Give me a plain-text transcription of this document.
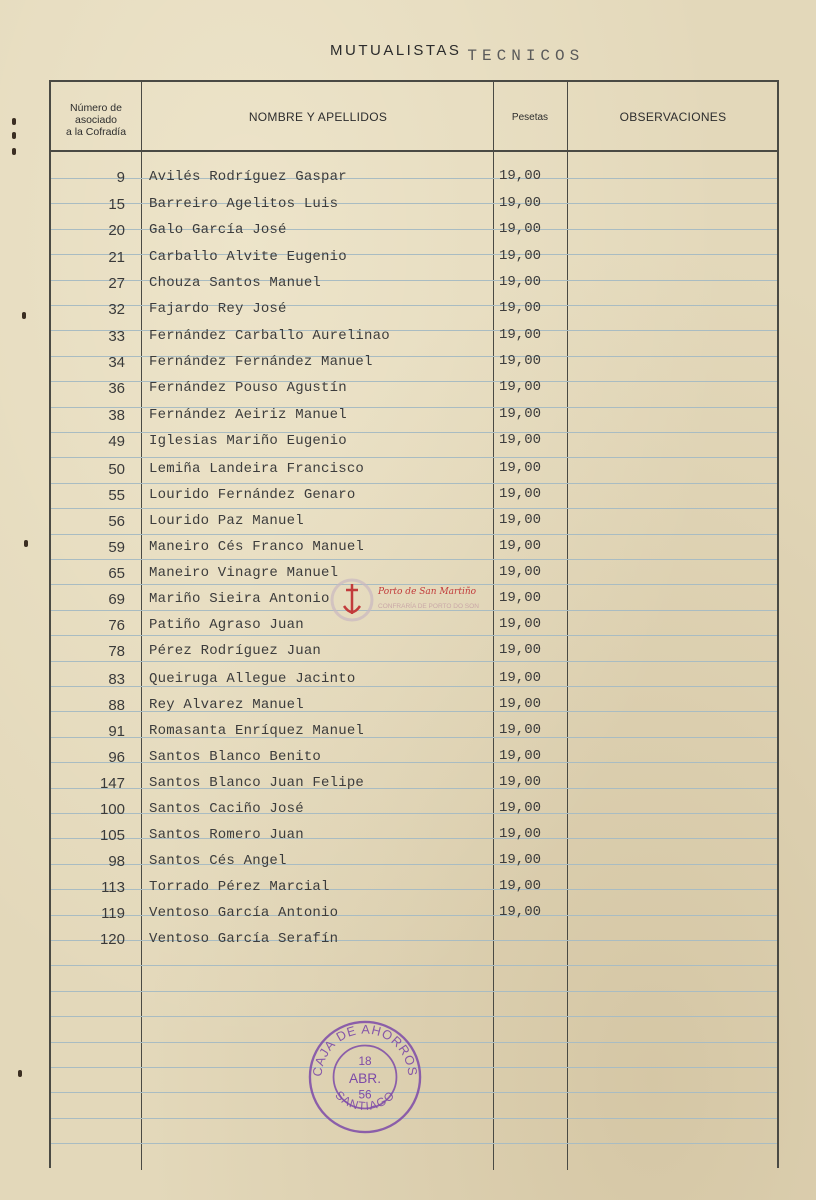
MUTUALISTAS TECNICOS
Número de
asociado
a la Cofradía
NOMBRE Y APELLIDOS	Pesetas	OBSERVACIONES
9 Avilés Rodríguez Gaspar	19,00
15 Barreiro Agelitos Luis	19,00
20 Galo García José	19,00
21 Carballo Alvite Eugenio	19,00
27 Chouza Santos Manuel	19,00
32 Fajardo Rey José	19,00
33 Fernández Carballo Aurelinao	19,00
34 Fernández Fernández Manuel	19,00
36 Fernández Pouso Agustín	19,00
38 Fernández Aeiriz Manuel	19,00
49 Iglesias Mariño Eugenio	19,00
50 Lemiña Landeira Francisco	19,00
55 Lourido Fernández Genaro	19,00
56 Lourido Paz Manuel	19,00
59 Maneiro Cés Franco Manuel	19,00
65 Maneiro Vinagre Manuel	19,00
69 Mariño Sieira Antonio	19,00
76 Patiño Agraso Juan	19,00
78 Pérez Rodríguez Juan	19,00
83 Queiruga Allegue Jacinto	19,00
88 Rey Alvarez Manuel	19,00
91 Romasanta Enríquez Manuel	19,00
96 Santos Blanco Benito	19,00
147 Santos Blanco Juan Felipe	19,00
100 Santos Caciño José	19,00
105 Santos Romero Juan	19,00
98 Santos Cés Angel	19,00
113 Torrado Pérez Marcial	19,00
119 Ventoso García Antonio	19,00
120 Ventoso García Serafín
Porto de San Martiño
CONFRARÍA DE PORTO DO SON
CAJA DE AHORROS
SANTIAGO
18
ABR.
56
